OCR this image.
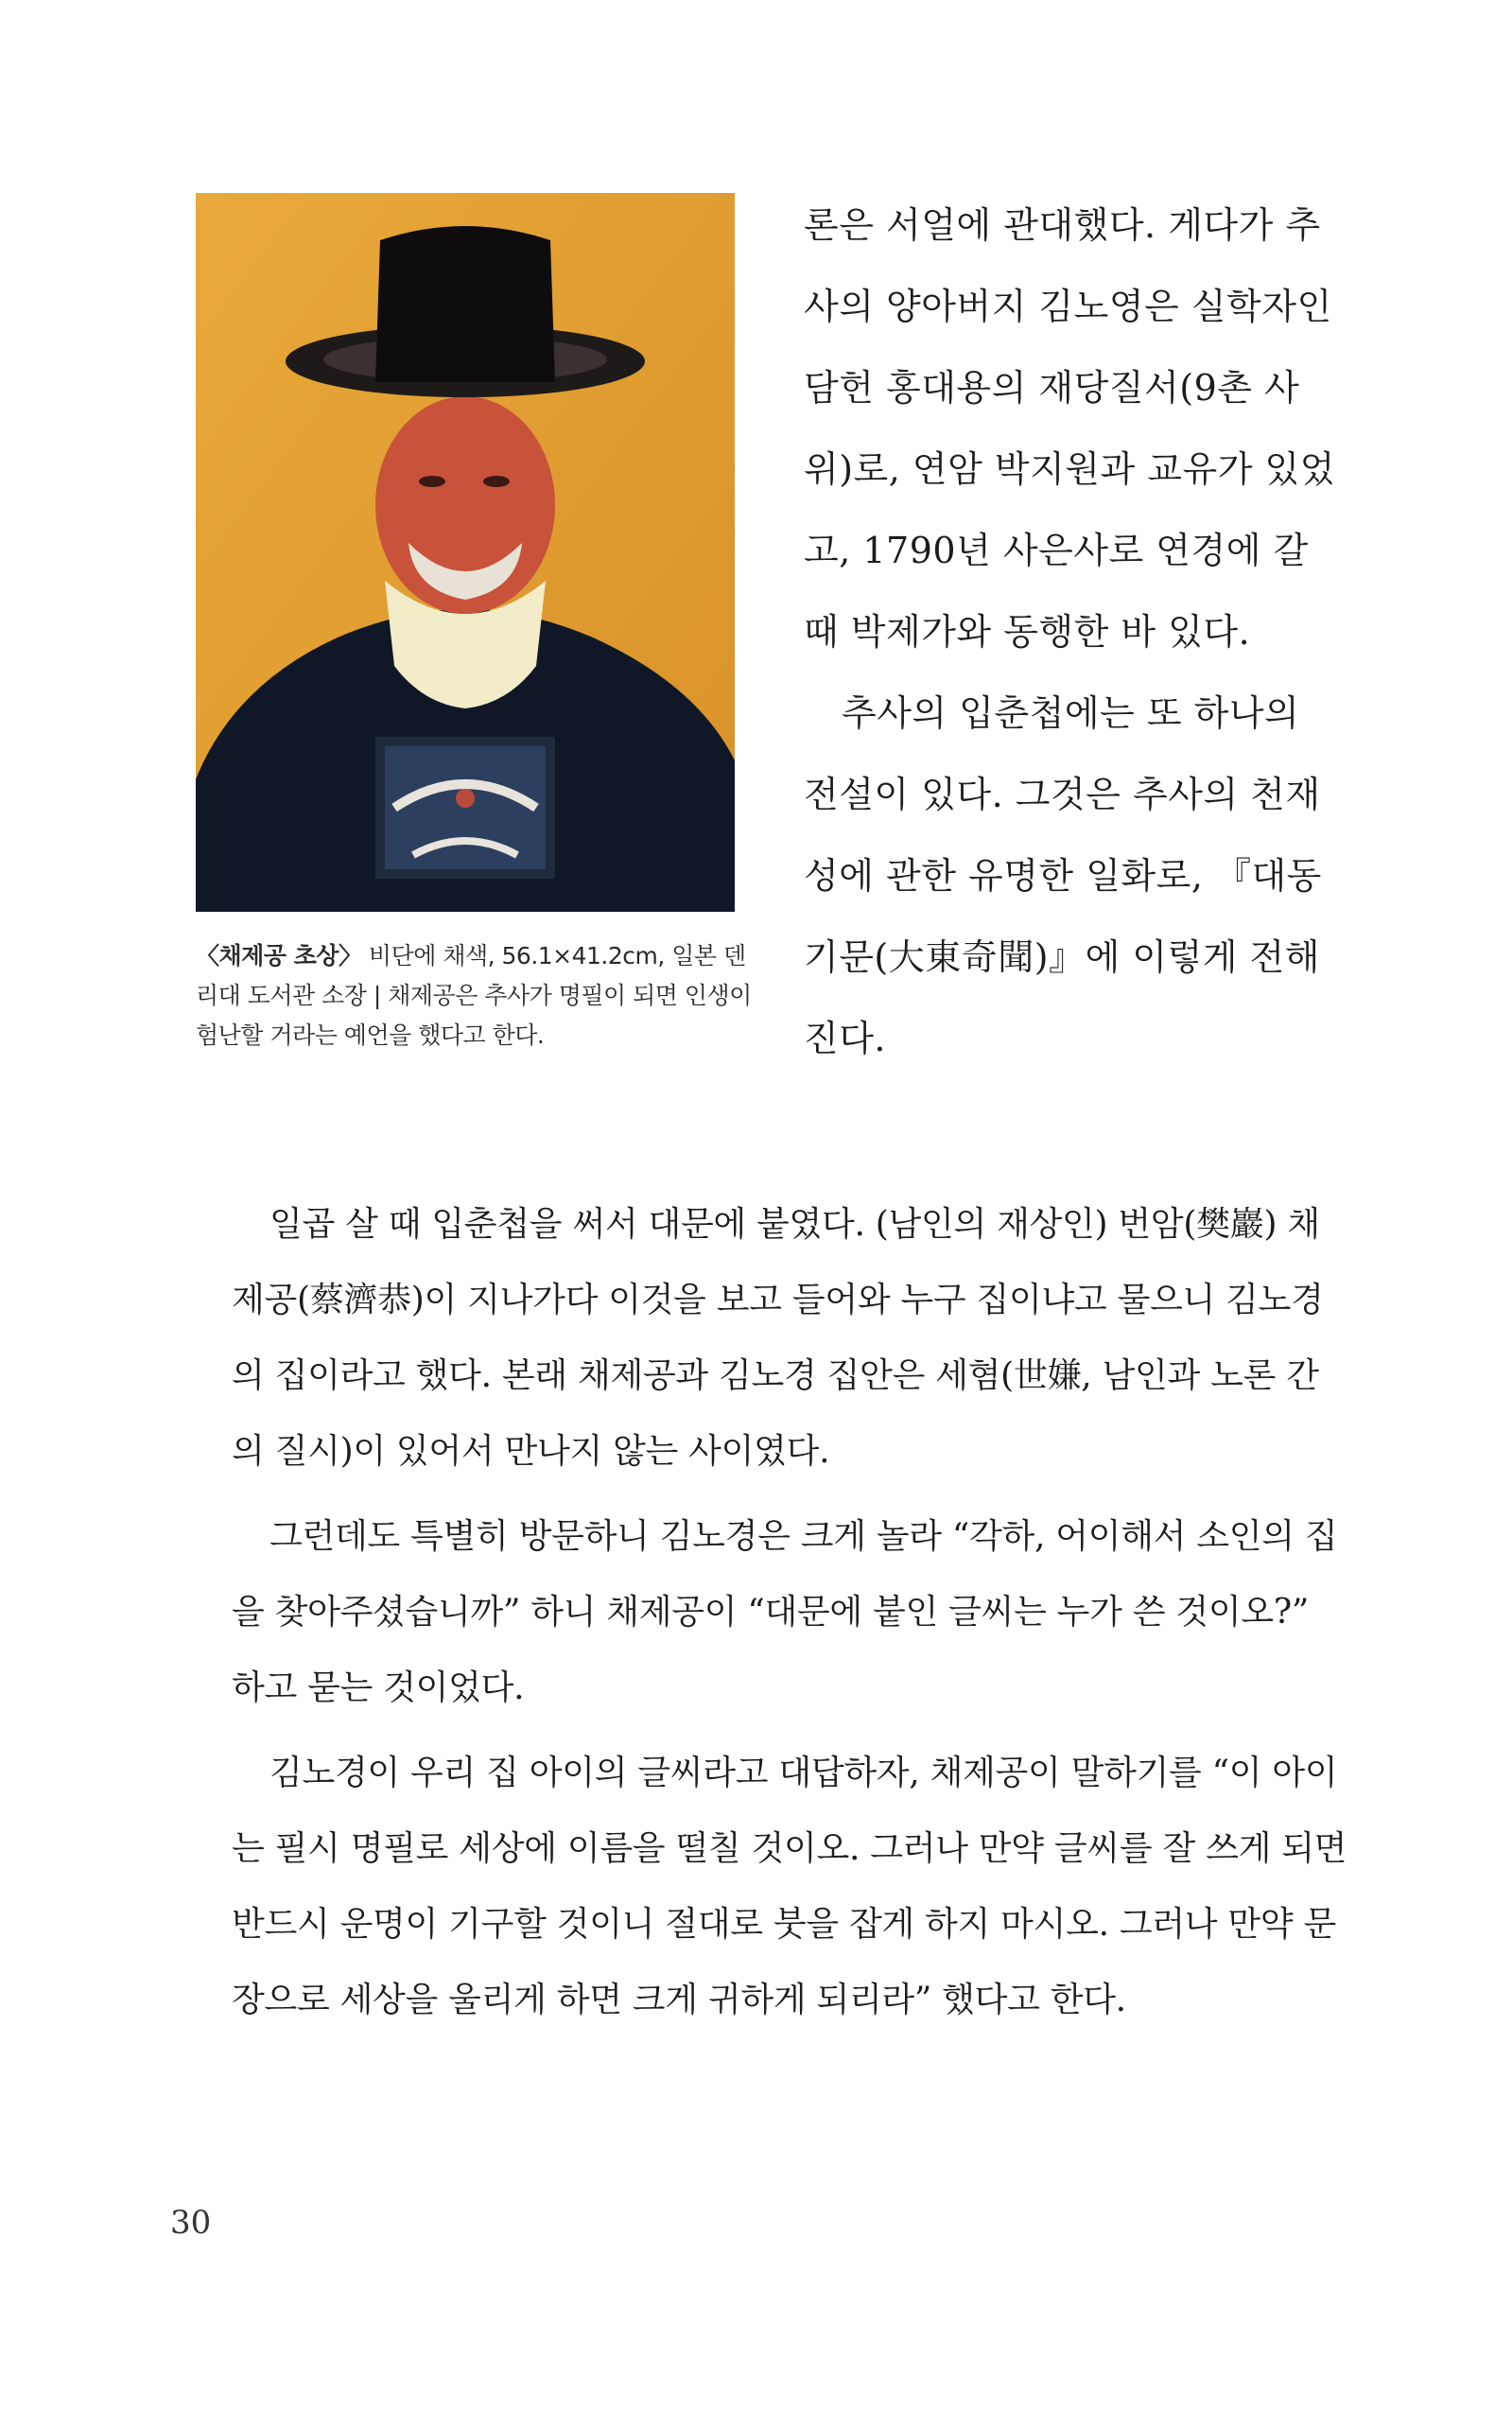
〈채제공 초상〉 비단에 채색, 56.1×41.2cm, 일본 덴리대 도서관 소장 | 채제공은 추사가 명필이 되면 인생이 험난할 거라는 예언을 했다고 한다.

론은 서얼에 관대했다. 게다가 추사의 양아버지 김노영은 실학자인 담헌 홍대용의 재당질서(9촌 사위)로, 연암 박지원과 교유가 있었고, 1790년 사은사로 연경에 갈 때 박제가와 동행한 바 있다.

추사의 입춘첩에는 또 하나의 전설이 있다. 그것은 추사의 천재성에 관한 유명한 일화로, 『대동기문(大東奇聞)』에 이렇게 전해진다.

일곱 살 때 입춘첩을 써서 대문에 붙였다. (남인의 재상인) 번암(樊巖) 채제공(蔡濟恭)이 지나가다 이것을 보고 들어와 누구 집이냐고 물으니 김노경의 집이라고 했다. 본래 채제공과 김노경 집안은 세혐(世嫌, 남인과 노론 간의 질시)이 있어서 만나지 않는 사이였다.

그런데도 특별히 방문하니 김노경은 크게 놀라 “각하, 어이해서 소인의 집을 찾아주셨습니까” 하니 채제공이 “대문에 붙인 글씨는 누가 쓴 것이오?” 하고 묻는 것이었다.

김노경이 우리 집 아이의 글씨라고 대답하자, 채제공이 말하기를 “이 아이는 필시 명필로 세상에 이름을 떨칠 것이오. 그러나 만약 글씨를 잘 쓰게 되면 반드시 운명이 기구할 것이니 절대로 붓을 잡게 하지 마시오. 그러나 만약 문장으로 세상을 울리게 하면 크게 귀하게 되리라” 했다고 한다.

30
